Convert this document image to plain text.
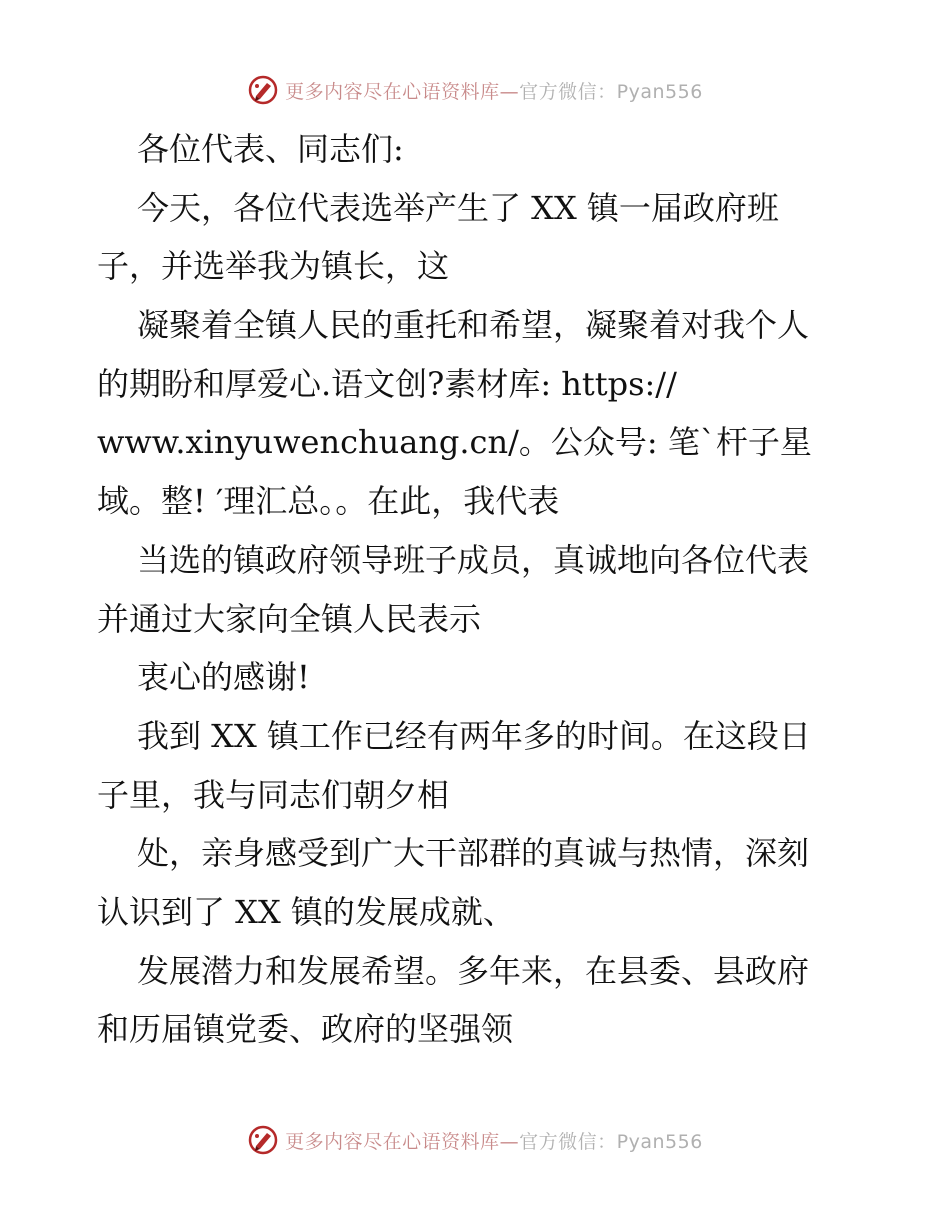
更多内容尽在心语资料库—官方微信：Pyan556
各位代表、同志们:
今天，各位代表选举产生了 XX 镇一届政府班
子，并选举我为镇长，这
凝聚着全镇人民的重托和希望，凝聚着对我个人
的期盼和厚爱心.语文创?素材库: https://
www.xinyuwenchuang.cn/。公众号: 笔`杆子星
域。整! ′理汇总。。在此，我代表
当选的镇政府领导班子成员，真诚地向各位代表
并通过大家向全镇人民表示
衷心的感谢!
我到 XX 镇工作已经有两年多的时间。在这段日
子里，我与同志们朝夕相
处，亲身感受到广大干部群的真诚与热情，深刻
认识到了 XX 镇的发展成就、
发展潜力和发展希望。多年来，在县委、县政府
和历届镇党委、政府的坚强领
更多内容尽在心语资料库—官方微信：Pyan556
